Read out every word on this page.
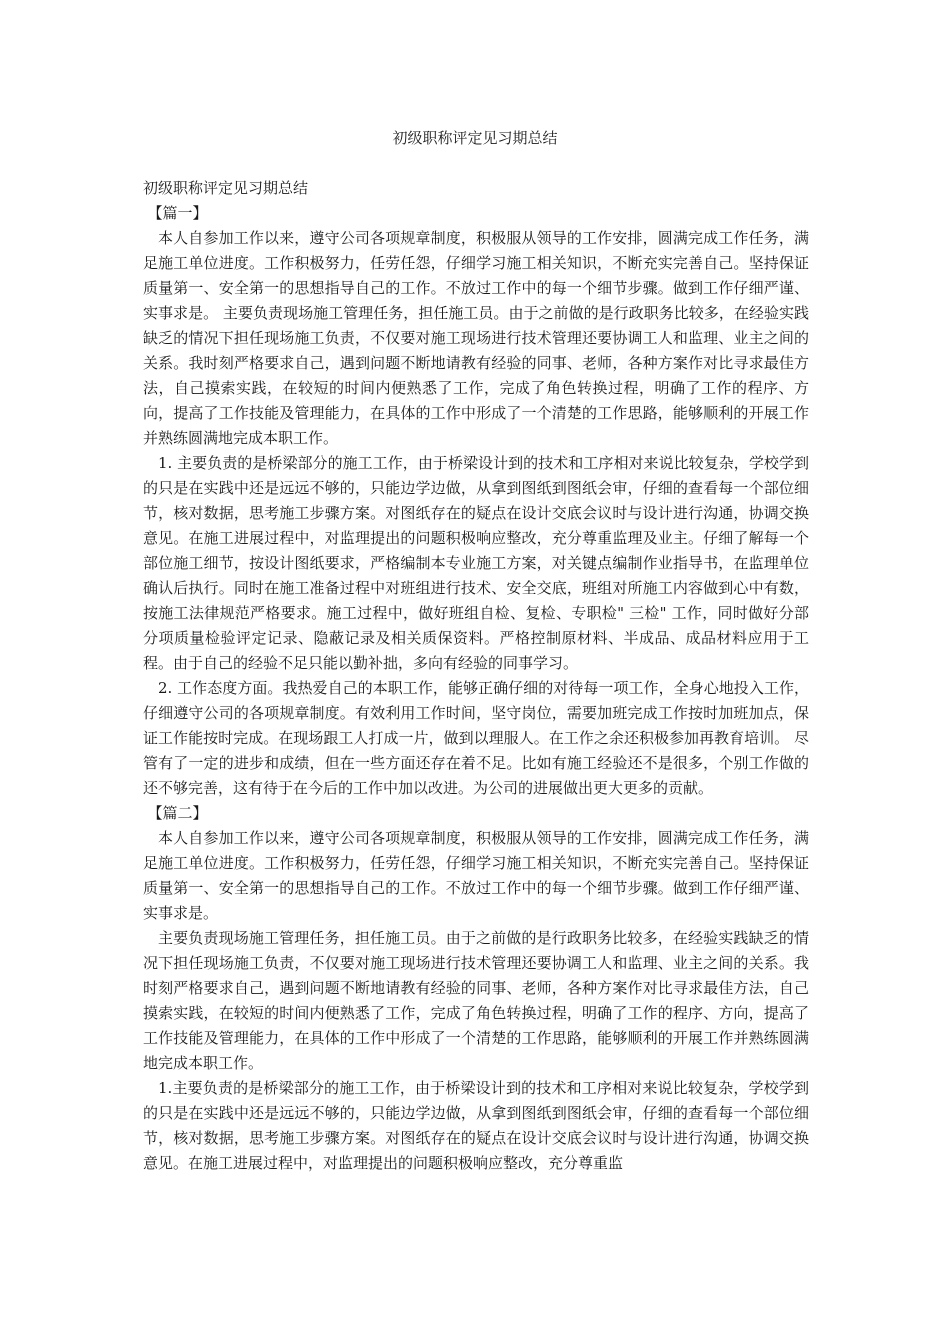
初级职称评定见习期总结

初级职称评定见习期总结

【篇一】

本人自参加工作以来，遵守公司各项规章制度，积极服从领导的工作安排，圆满完成工作任务，满足施工单位进度。工作积极努力，任劳任怨，仔细学习施工相关知识，不断充实完善自己。坚持保证质量第一、安全第一的思想指导自己的工作。不放过工作中的每一个细节步骤。做到工作仔细严谨、实事求是。 主要负责现场施工管理任务，担任施工员。由于之前做的是行政职务比较多，在经验实践缺乏的情况下担任现场施工负责，不仅要对施工现场进行技术管理还要协调工人和监理、业主之间的关系。我时刻严格要求自己，遇到问题不断地请教有经验的同事、老师，各种方案作对比寻求最佳方法，自己摸索实践，在较短的时间内便熟悉了工作，完成了角色转换过程，明确了工作的程序、方向，提高了工作技能及管理能力，在具体的工作中形成了一个清楚的工作思路，能够顺利的开展工作并熟练圆满地完成本职工作。

1. 主要负责的是桥梁部分的施工工作，由于桥梁设计到的技术和工序相对来说比较复杂，学校学到的只是在实践中还是远远不够的，只能边学边做，从拿到图纸到图纸会审，仔细的查看每一个部位细节，核对数据，思考施工步骤方案。对图纸存在的疑点在设计交底会议时与设计进行沟通，协调交换意见。在施工进展过程中，对监理提出的问题积极响应整改，充分尊重监理及业主。仔细了解每一个部位施工细节，按设计图纸要求，严格编制本专业施工方案，对关键点编制作业指导书，在监理单位确认后执行。同时在施工准备过程中对班组进行技术、安全交底，班组对所施工内容做到心中有数，按施工法律规范严格要求。施工过程中，做好班组自检、复检、专职检" 三检" 工作，同时做好分部分项质量检验评定记录、隐蔽记录及相关质保资料。严格控制原材料、半成品、成品材料应用于工程。由于自己的经验不足只能以勤补拙，多向有经验的同事学习。

2. 工作态度方面。我热爱自己的本职工作，能够正确仔细的对待每一项工作，全身心地投入工作，仔细遵守公司的各项规章制度。有效利用工作时间，坚守岗位，需要加班完成工作按时加班加点，保证工作能按时完成。在现场跟工人打成一片，做到以理服人。在工作之余还积极参加再教育培训。 尽管有了一定的进步和成绩，但在一些方面还存在着不足。比如有施工经验还不是很多，个别工作做的还不够完善，这有待于在今后的工作中加以改进。为公司的进展做出更大更多的贡献。

【篇二】

本人自参加工作以来，遵守公司各项规章制度，积极服从领导的工作安排，圆满完成工作任务，满足施工单位进度。工作积极努力，任劳任怨，仔细学习施工相关知识，不断充实完善自己。坚持保证质量第一、安全第一的思想指导自己的工作。不放过工作中的每一个细节步骤。做到工作仔细严谨、实事求是。

主要负责现场施工管理任务，担任施工员。由于之前做的是行政职务比较多，在经验实践缺乏的情况下担任现场施工负责，不仅要对施工现场进行技术管理还要协调工人和监理、业主之间的关系。我时刻严格要求自己，遇到问题不断地请教有经验的同事、老师，各种方案作对比寻求最佳方法，自己摸索实践，在较短的时间内便熟悉了工作，完成了角色转换过程，明确了工作的程序、方向，提高了工作技能及管理能力，在具体的工作中形成了一个清楚的工作思路，能够顺利的开展工作并熟练圆满地完成本职工作。

1.主要负责的是桥梁部分的施工工作，由于桥梁设计到的技术和工序相对来说比较复杂，学校学到的只是在实践中还是远远不够的，只能边学边做，从拿到图纸到图纸会审，仔细的查看每一个部位细节，核对数据，思考施工步骤方案。对图纸存在的疑点在设计交底会议时与设计进行沟通，协调交换意见。在施工进展过程中，对监理提出的问题积极响应整改，充分尊重监
